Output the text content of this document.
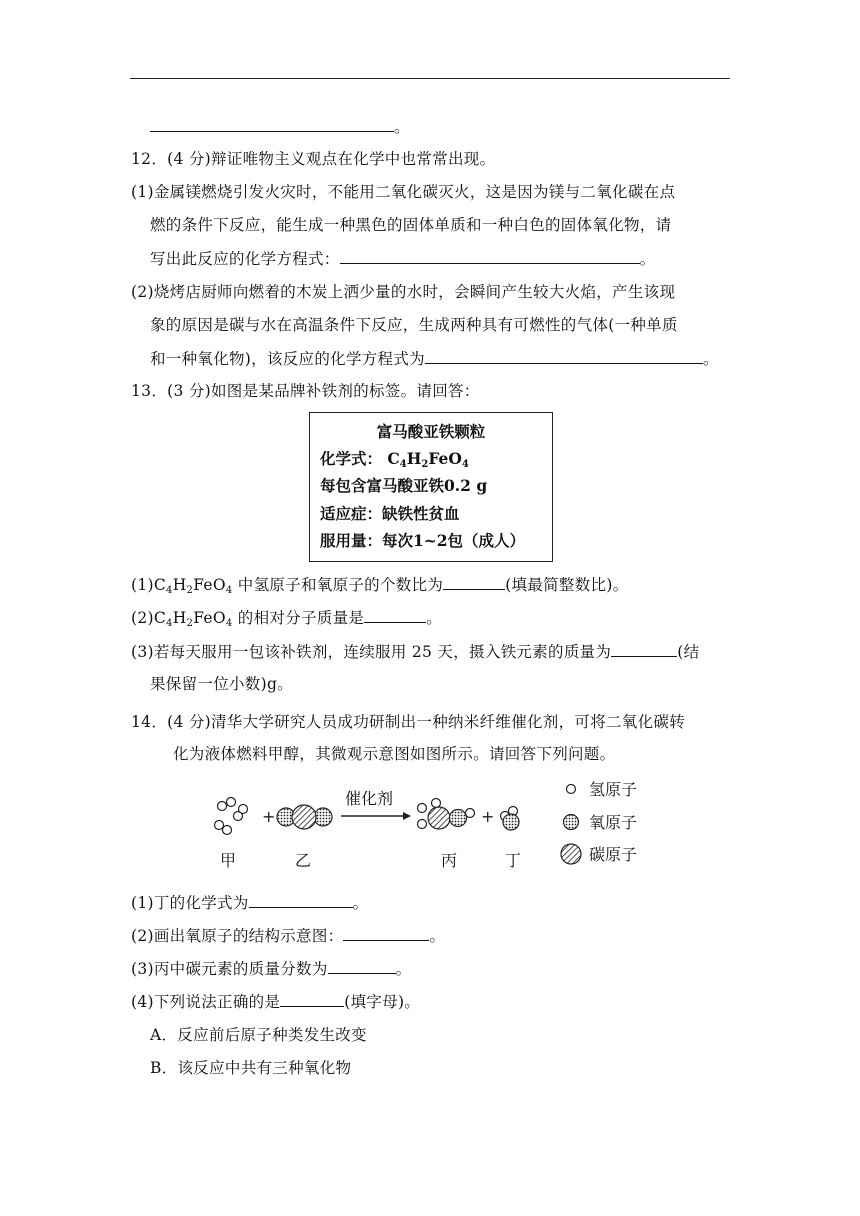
。
12．(4 分)辩证唯物主义观点在化学中也常常出现。
(1)金属镁燃烧引发火灾时，不能用二氧化碳灭火，这是因为镁与二氧化碳在点
燃的条件下反应，能生成一种黑色的固体单质和一种白色的固体氧化物，请
写出此反应的化学方程式：	。
(2)烧烤店厨师向燃着的木炭上洒少量的水时，会瞬间产生较大火焰，产生该现
象的原因是碳与水在高温条件下反应，生成两种具有可燃性的气体(一种单质
和一种氧化物)，该反应的化学方程式为	。
13．(3 分)如图是某品牌补铁剂的标签。请回答：
富马酸亚铁颗粒
化学式： $C_4H_2FeO_4$
每包含富马酸亚铁0.2 g
适应症：缺铁性贫血
服用量：每次1~2包（成人）
$(1)C_4H_2FeO_4$ 中氢原子和氧原子的个数比为	(填最简整数比)。
$(2)C_4H_2FeO_4$ 的相对分子质量是	。
(3)若每天服用一包该补铁剂，连续服用 25 天，摄入铁元素的质量为	(结
果保留一位小数)g。
14．(4 分)清华大学研究人员成功研制出一种纳米纤维催化剂，可将二氧化碳转
化为液体燃料甲醇，其微观示意图如图所示。请回答下列问题。
+
催化剂
+
甲	乙	丙	丁
氢原子
氧原子
碳原子
(1)丁的化学式为	。
(2)画出氧原子的结构示意图：	。
(3)丙中碳元素的质量分数为	。
(4)下列说法正确的是	(填字母)。
A．反应前后原子种类发生改变
B．该反应中共有三种氧化物
